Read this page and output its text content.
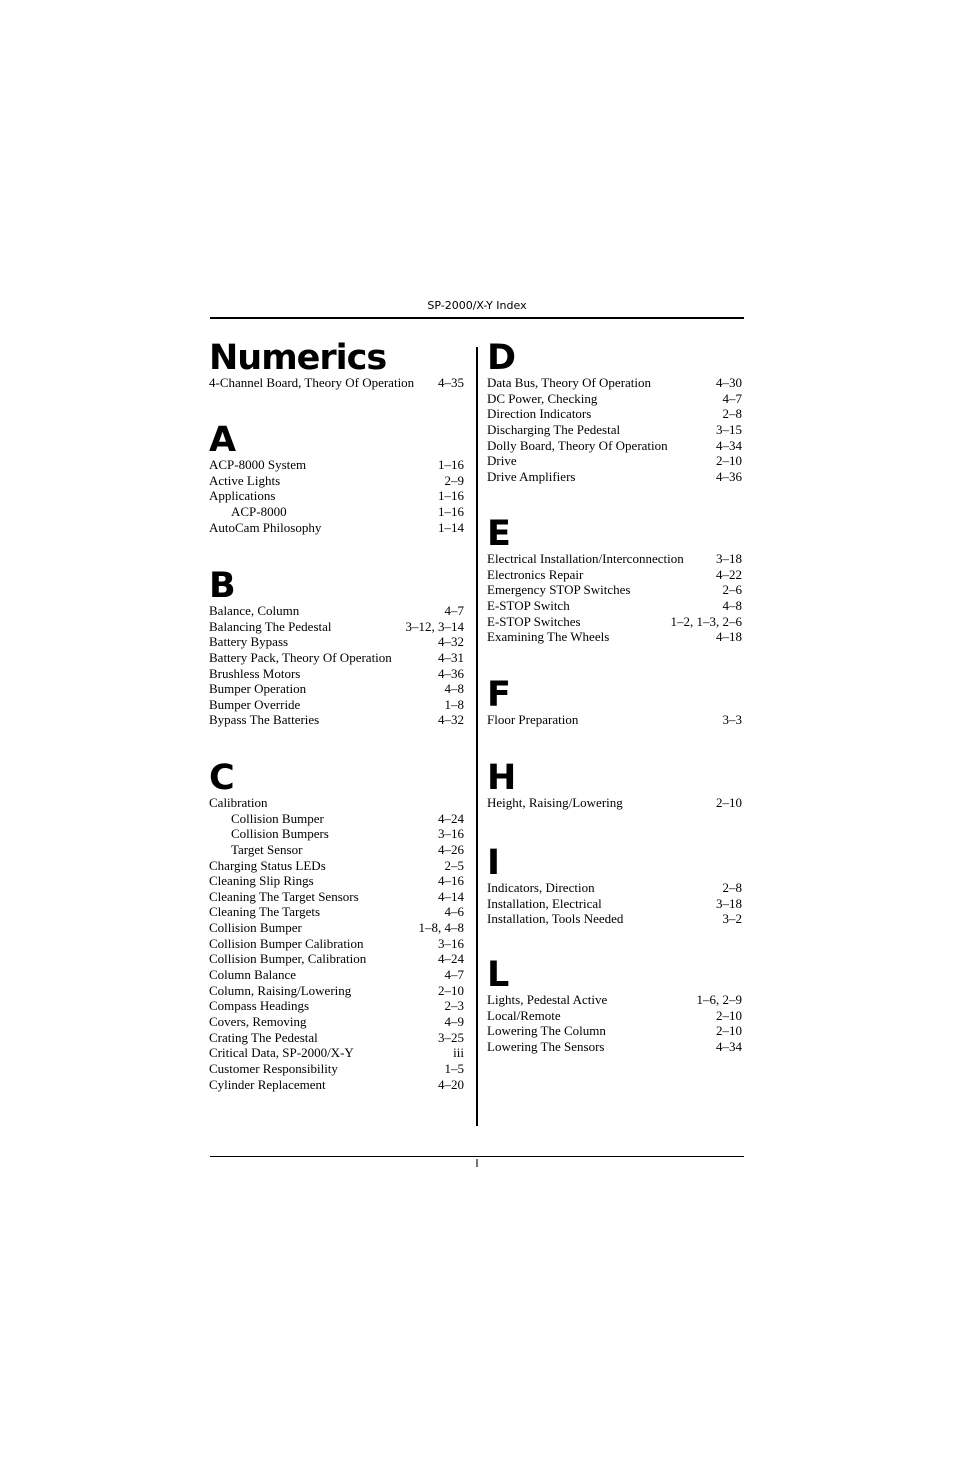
SP-2000/X-Y Index
I
Numerics
4-Channel Board, Theory Of Operation 4–35
A
ACP-8000 System	1–16
Active Lights	2–9
Applications	1–16
ACP-8000	1–16
AutoCam Philosophy	1–14
B
Balance, Column	4–7
Balancing The Pedestal	3–12, 3–14
Battery Bypass	4–32
Battery Pack, Theory Of Operation	4–31
Brushless Motors	4–36
Bumper Operation	4–8
Bumper Override	1–8
Bypass The Batteries	4–32
C
Calibration
Collision Bumper	4–24
Collision Bumpers	3–16
Target Sensor	4–26
Charging Status LEDs	2–5
Cleaning Slip Rings	4–16
Cleaning The Target Sensors	4–14
Cleaning The Targets	4–6
Collision Bumper	1–8, 4–8
Collision Bumper Calibration	3–16
Collision Bumper, Calibration	4–24
Column Balance	4–7
Column, Raising/Lowering	2–10
Compass Headings	2–3
Covers, Removing	4–9
Crating The Pedestal	3–25
Critical Data, SP-2000/X-Y	iii
Customer Responsibility	1–5
Cylinder Replacement	4–20
D
Data Bus, Theory Of Operation	4–30
DC Power, Checking	4–7
Direction Indicators	2–8
Discharging The Pedestal	3–15
Dolly Board, Theory Of Operation	4–34
Drive	2–10
Drive Amplifiers	4–36
E
Electrical Installation/Interconnection 3–18
Electronics Repair	4–22
Emergency STOP Switches	2–6
E-STOP Switch	4–8
E-STOP Switches	1–2, 1–3, 2–6
Examining The Wheels	4–18
F
Floor Preparation	3–3
H
Height, Raising/Lowering	2–10
I
Indicators, Direction	2–8
Installation, Electrical	3–18
Installation, Tools Needed	3–2
L
Lights, Pedestal Active	1–6, 2–9
Local/Remote	2–10
Lowering The Column	2–10
Lowering The Sensors	4–34
